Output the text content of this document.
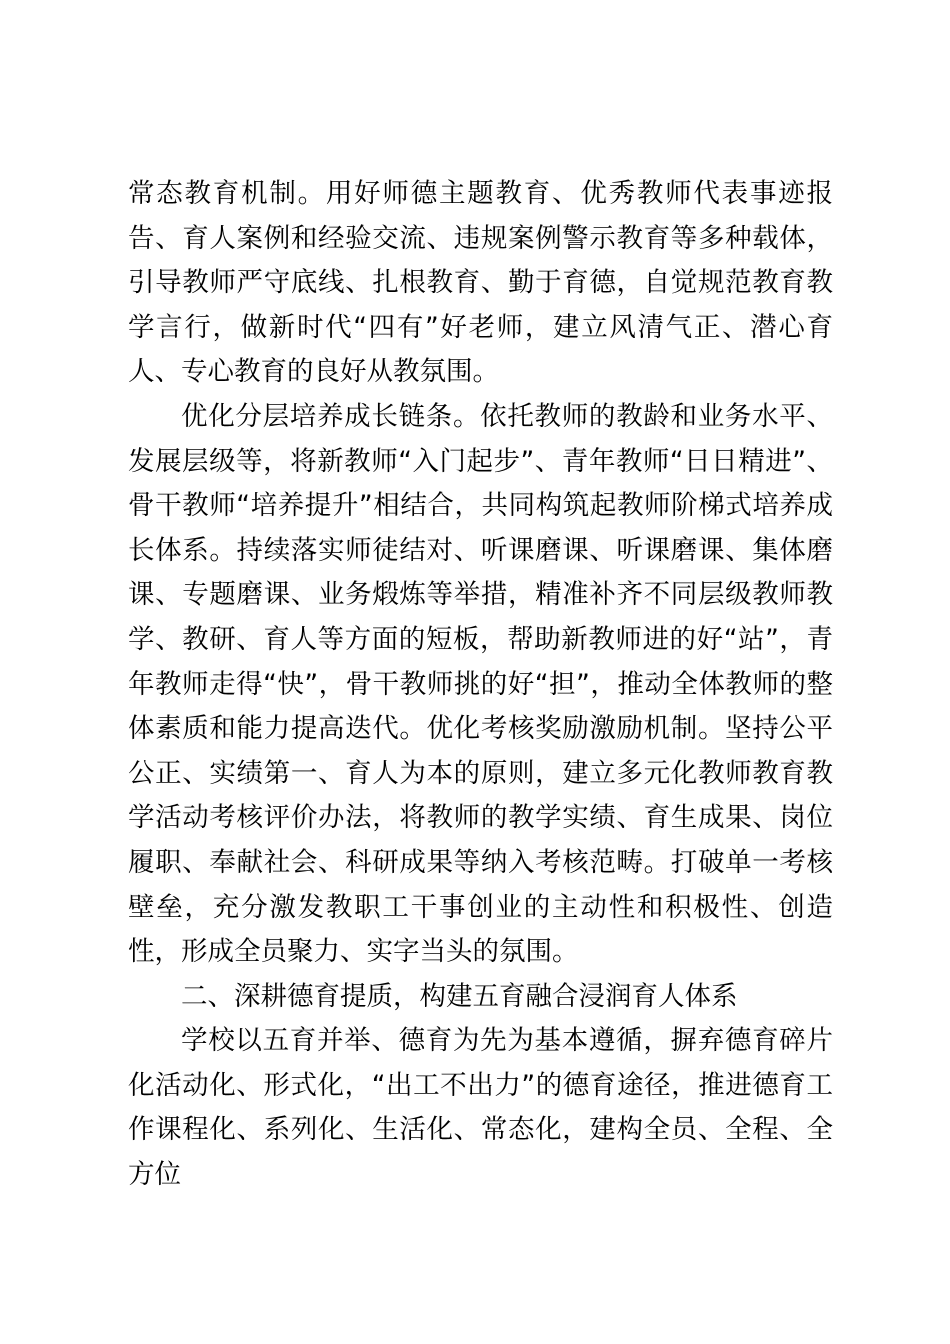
常态教育机制。用好师德主题教育、优秀教师代表事迹报告、育人案例和经验交流、违规案例警示教育等多种载体，引导教师严守底线、扎根教育、勤于育德，自觉规范教育教学言行，做新时代“四有”好老师，建立风清气正、潜心育人、专心教育的良好从教氛围。

优化分层培养成长链条。依托教师的教龄和业务水平、发展层级等，将新教师“入门起步”、青年教师“日日精进”、骨干教师“培养提升”相结合，共同构筑起教师阶梯式培养成长体系。持续落实师徒结对、听课磨课、听课磨课、集体磨课、专题磨课、业务煅炼等举措，精准补齐不同层级教师教学、教研、育人等方面的短板，帮助新教师进的好“站”，青年教师走得“快”，骨干教师挑的好“担”，推动全体教师的整体素质和能力提高迭代。优化考核奖励激励机制。坚持公平公正、实绩第一、育人为本的原则，建立多元化教师教育教学活动考核评价办法，将教师的教学实绩、育生成果、岗位履职、奉献社会、科研成果等纳入考核范畴。打破单一考核壁垒，充分激发教职工干事创业的主动性和积极性、创造性，形成全员聚力、实字当头的氛围。

二、深耕德育提质，构建五育融合浸润育人体系

学校以五育并举、德育为先为基本遵循，摒弃德育碎片化活动化、形式化，“出工不出力”的德育途径，推进德育工作课程化、系列化、生活化、常态化，建构全员、全程、全方位
